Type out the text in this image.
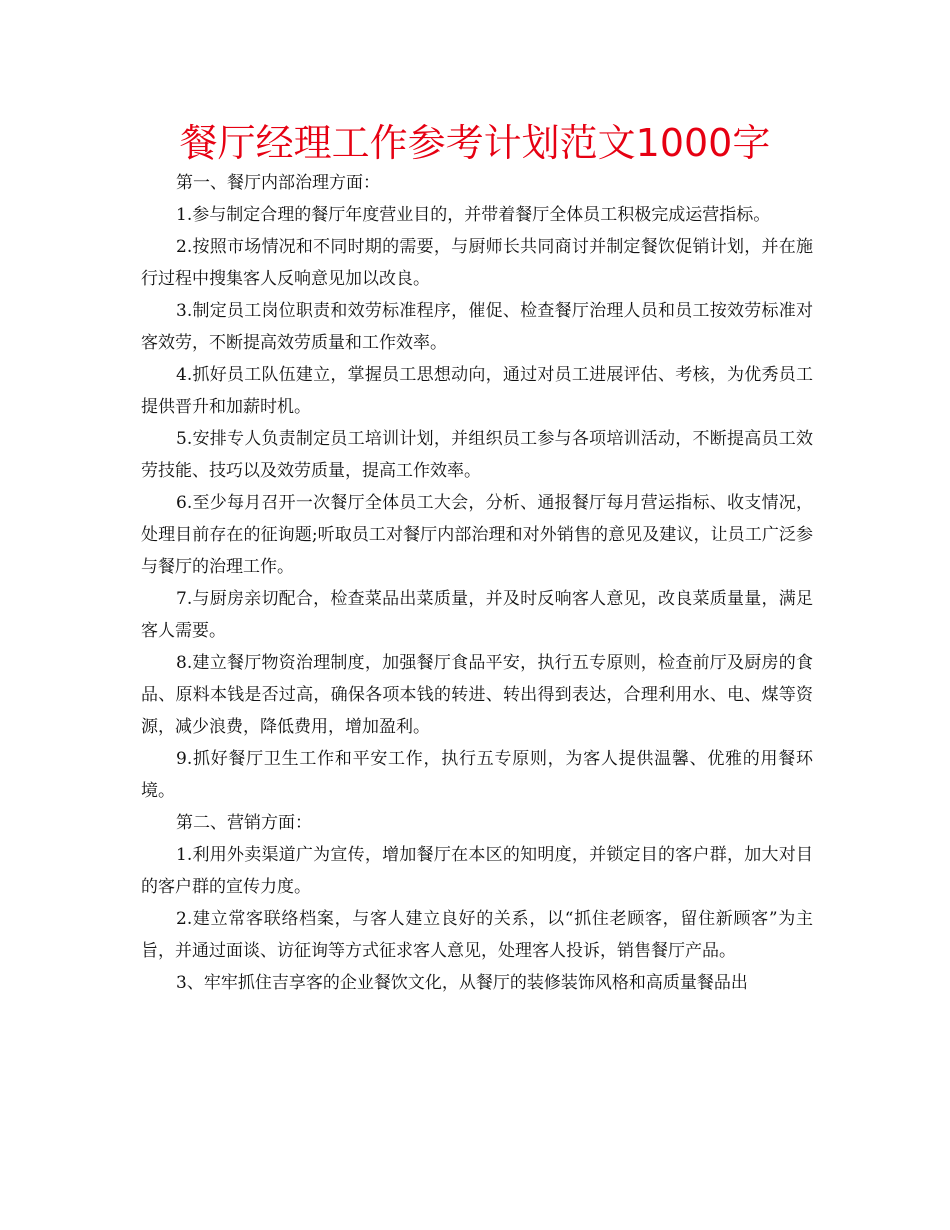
餐厅经理工作参考计划范文1000字

第一、餐厅内部治理方面：

1.参与制定合理的餐厅年度营业目的，并带着餐厅全体员工积极完成运营指标。

2.按照市场情况和不同时期的需要，与厨师长共同商讨并制定餐饮促销计划，并在施行过程中搜集客人反响意见加以改良。

3.制定员工岗位职责和效劳标准程序，催促、检查餐厅治理人员和员工按效劳标准对客效劳，不断提高效劳质量和工作效率。

4.抓好员工队伍建立，掌握员工思想动向，通过对员工进展评估、考核，为优秀员工提供晋升和加薪时机。

5.安排专人负责制定员工培训计划，并组织员工参与各项培训活动，不断提高员工效劳技能、技巧以及效劳质量，提高工作效率。

6.至少每月召开一次餐厅全体员工大会，分析、通报餐厅每月营运指标、收支情况，处理目前存在的征询题;听取员工对餐厅内部治理和对外销售的意见及建议，让员工广泛参与餐厅的治理工作。

7.与厨房亲切配合，检查菜品出菜质量，并及时反响客人意见，改良菜质量量，满足客人需要。

8.建立餐厅物资治理制度，加强餐厅食品平安，执行五专原则，检查前厅及厨房的食品、原料本钱是否过高，确保各项本钱的转进、转出得到表达，合理利用水、电、煤等资源，减少浪费，降低费用，增加盈利。

9.抓好餐厅卫生工作和平安工作，执行五专原则，为客人提供温馨、优雅的用餐环境。

第二、营销方面：

1.利用外卖渠道广为宣传，增加餐厅在本区的知明度，并锁定目的客户群，加大对目的客户群的宣传力度。

2.建立常客联络档案，与客人建立良好的关系，以“抓住老顾客，留住新顾客”为主旨，并通过面谈、访征询等方式征求客人意见，处理客人投诉，销售餐厅产品。

3、牢牢抓住吉享客的企业餐饮文化，从餐厅的装修装饰风格和高质量餐品出
